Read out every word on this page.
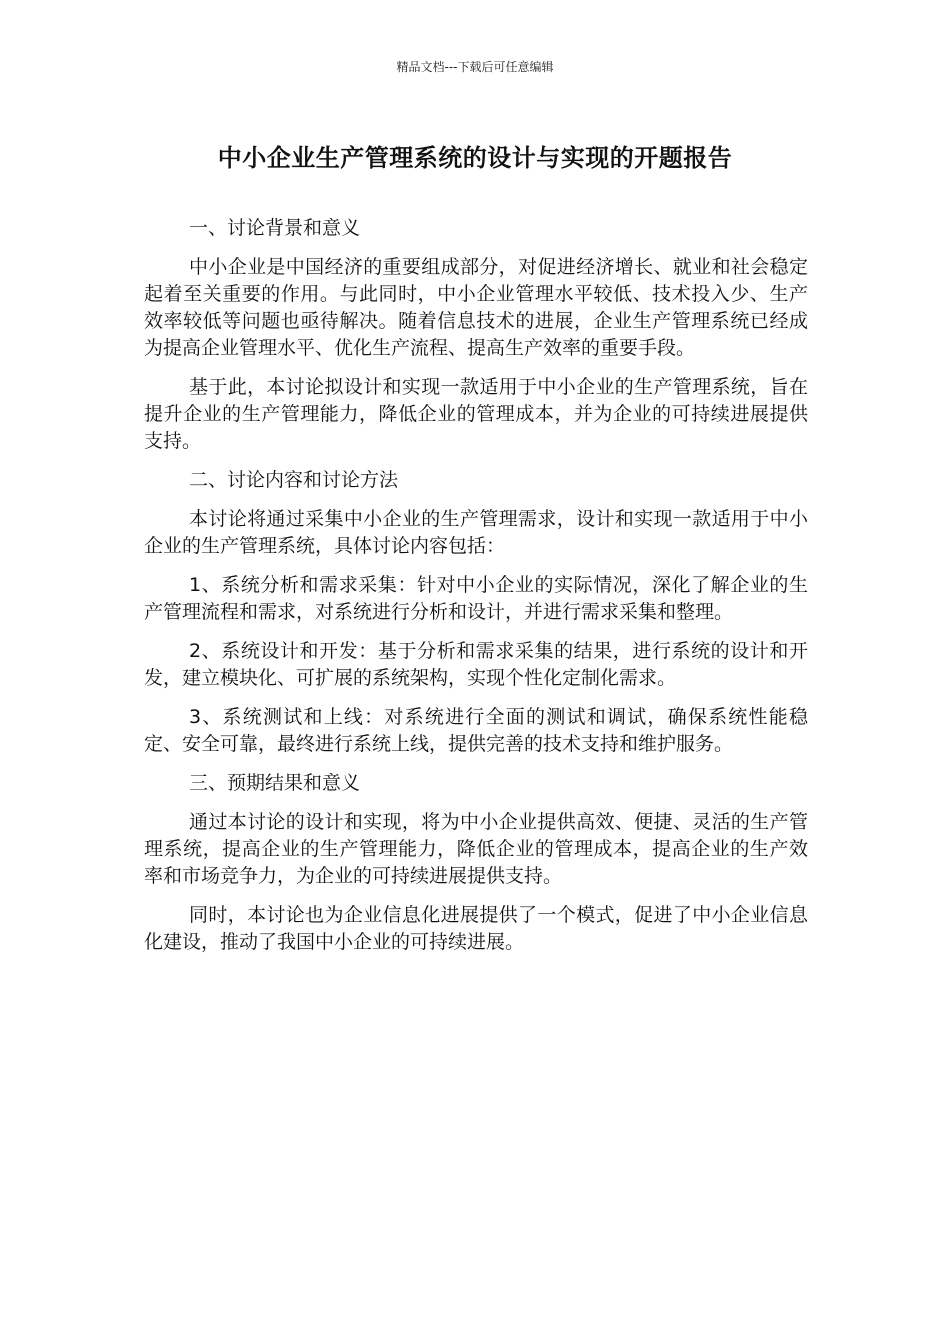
精品文档---下载后可任意编辑
中小企业生产管理系统的设计与实现的开题报告

一、讨论背景和意义

中小企业是中国经济的重要组成部分，对促进经济增长、就业和社会稳定起着至关重要的作用。与此同时，中小企业管理水平较低、技术投入少、生产效率较低等问题也亟待解决。随着信息技术的进展，企业生产管理系统已经成为提高企业管理水平、优化生产流程、提高生产效率的重要手段。

基于此，本讨论拟设计和实现一款适用于中小企业的生产管理系统，旨在提升企业的生产管理能力，降低企业的管理成本，并为企业的可持续进展提供支持。

二、讨论内容和讨论方法

本讨论将通过采集中小企业的生产管理需求，设计和实现一款适用于中小企业的生产管理系统，具体讨论内容包括：

1、系统分析和需求采集：针对中小企业的实际情况，深化了解企业的生产管理流程和需求，对系统进行分析和设计，并进行需求采集和整理。

2、系统设计和开发：基于分析和需求采集的结果，进行系统的设计和开发，建立模块化、可扩展的系统架构，实现个性化定制化需求。

3、系统测试和上线：对系统进行全面的测试和调试，确保系统性能稳定、安全可靠，最终进行系统上线，提供完善的技术支持和维护服务。

三、预期结果和意义

通过本讨论的设计和实现，将为中小企业提供高效、便捷、灵活的生产管理系统，提高企业的生产管理能力，降低企业的管理成本，提高企业的生产效率和市场竞争力，为企业的可持续进展提供支持。

同时，本讨论也为企业信息化进展提供了一个模式，促进了中小企业信息化建设，推动了我国中小企业的可持续进展。
